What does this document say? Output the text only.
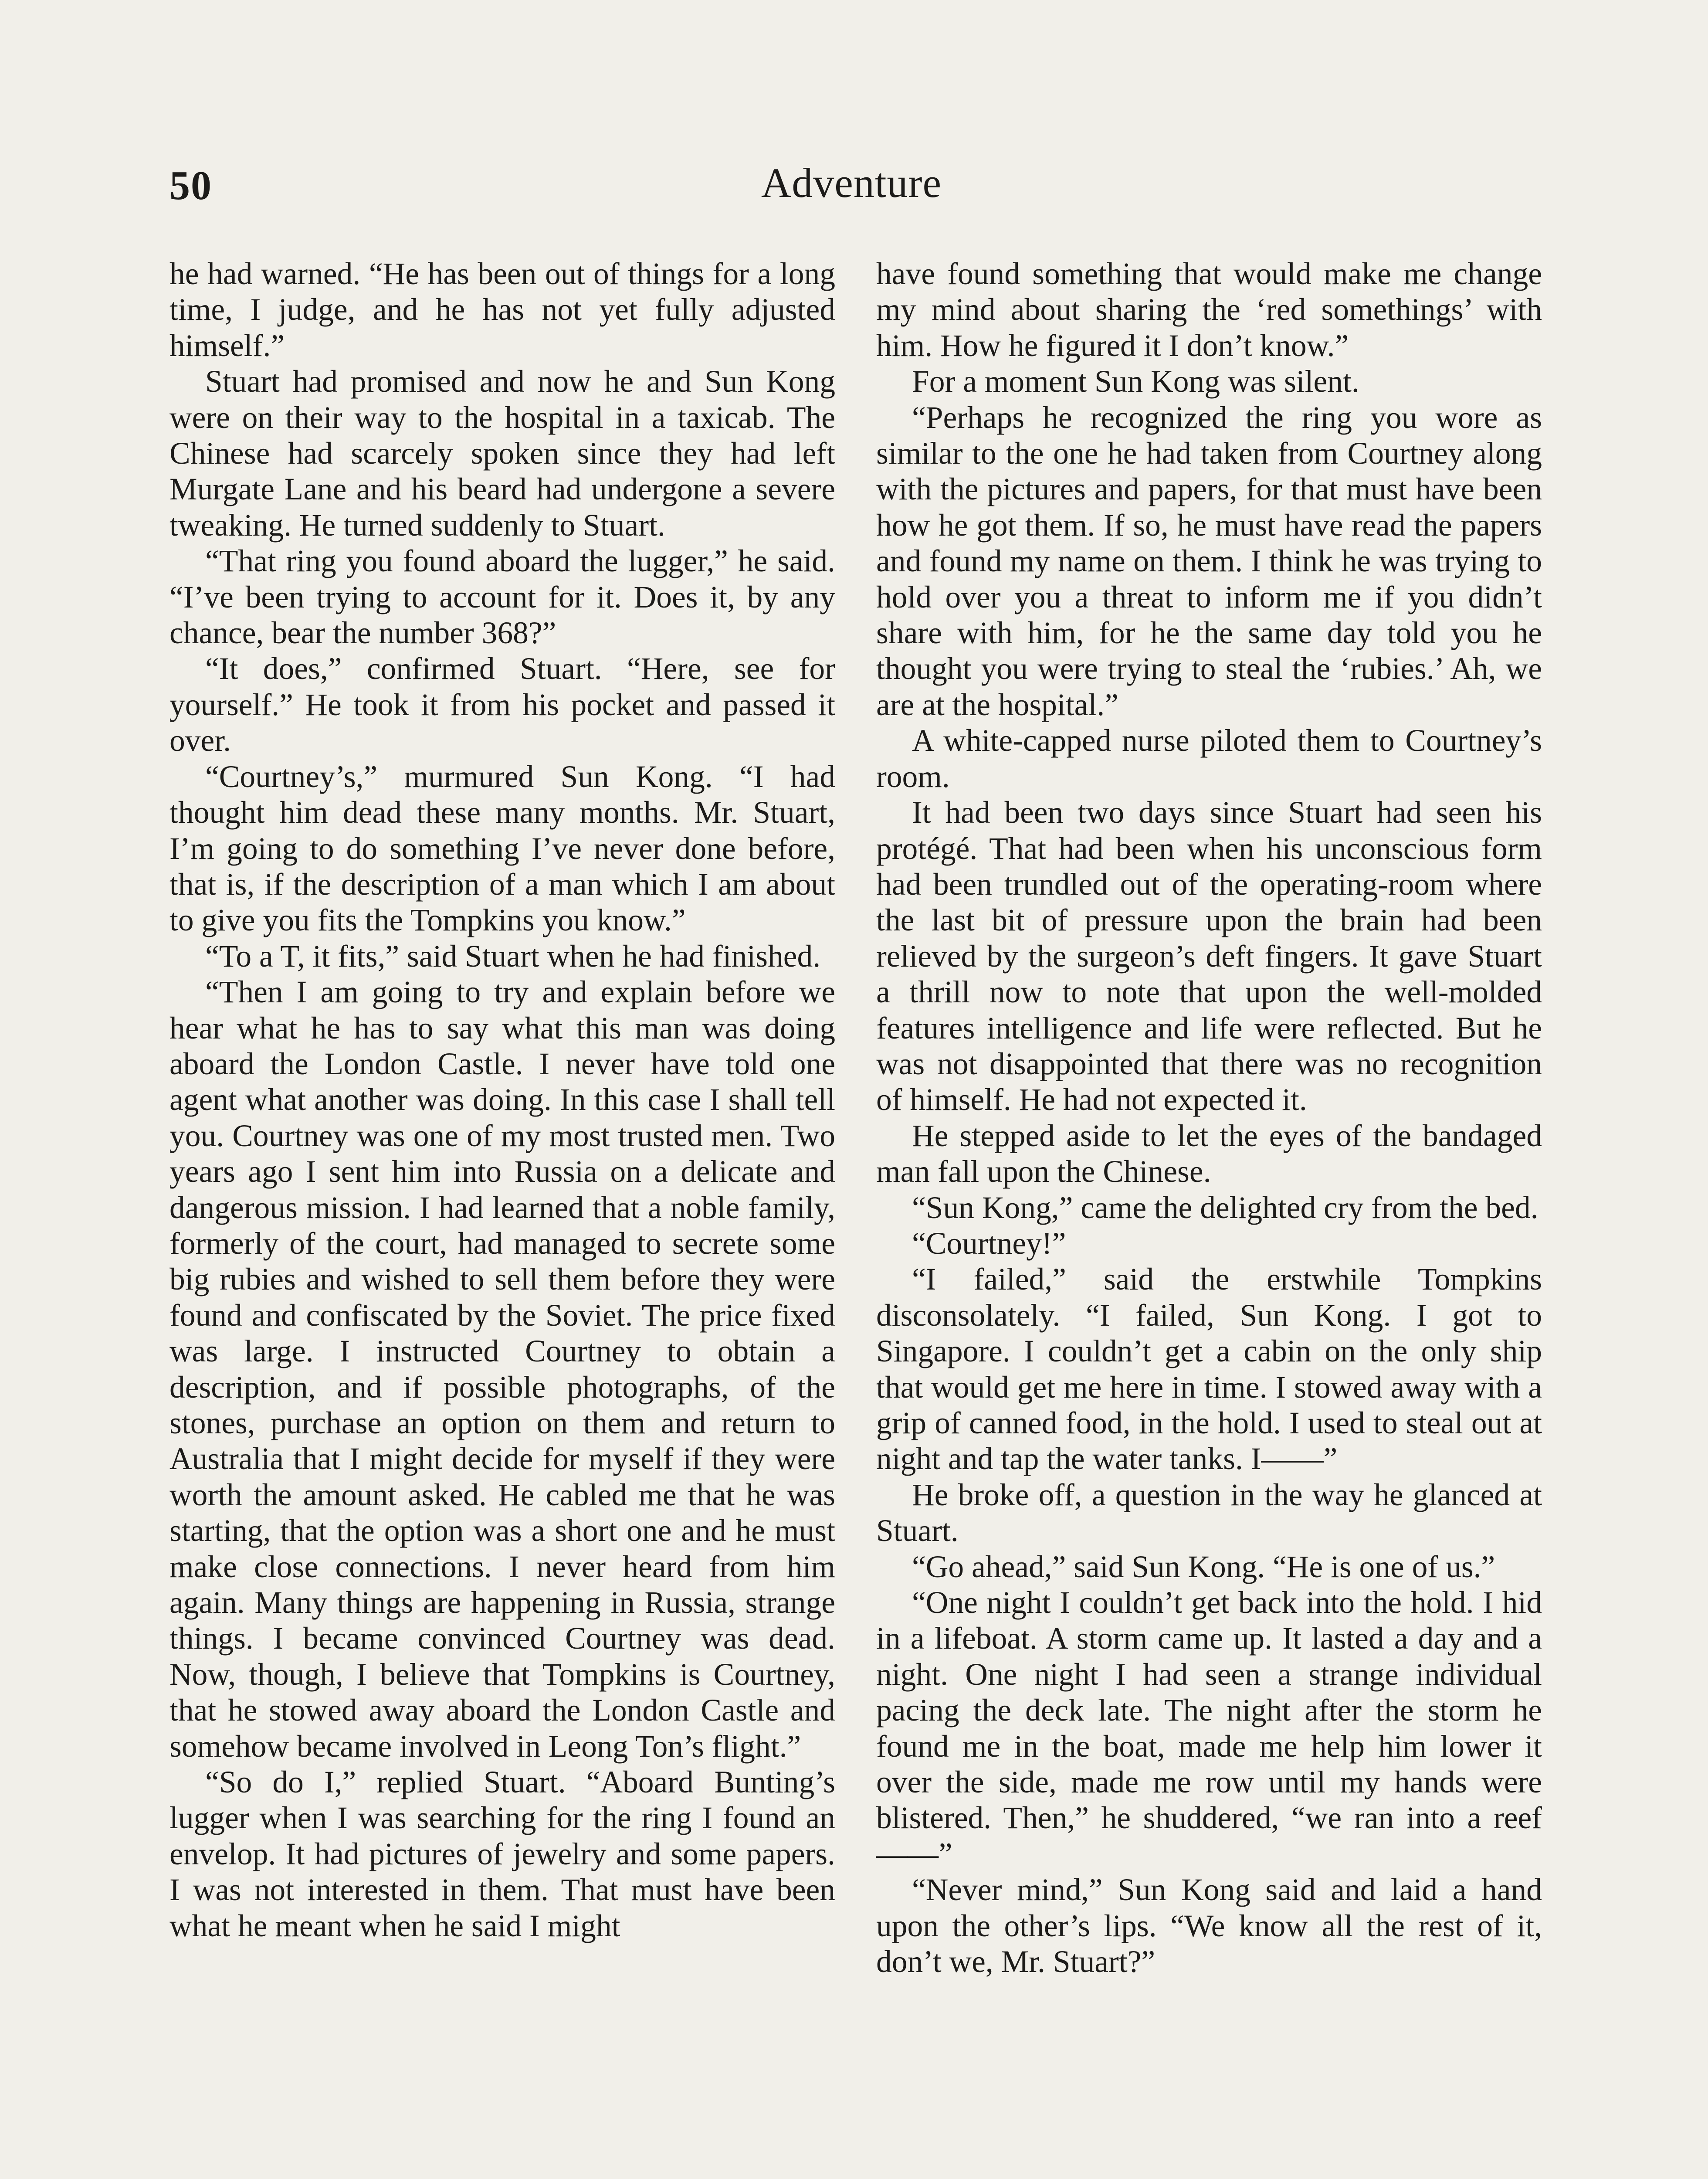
50	Adventure

he had warned. “He has been out of things for a long time, I judge, and he has not yet fully adjusted himself.”

Stuart had promised and now he and Sun Kong were on their way to the hospital in a taxicab. The Chinese had scarcely spoken since they had left Murgate Lane and his beard had undergone a severe tweaking. He turned suddenly to Stuart.

“That ring you found aboard the lugger,” he said. “I’ve been trying to account for it. Does it, by any chance, bear the number 368?”

“It does,” confirmed Stuart. “Here, see for yourself.” He took it from his pocket and passed it over.

“Courtney’s,” murmured Sun Kong. “I had thought him dead these many months. Mr. Stuart, I’m going to do something I’ve never done before, that is, if the description of a man which I am about to give you fits the Tompkins you know.”

“To a T, it fits,” said Stuart when he had finished.

“Then I am going to try and explain before we hear what he has to say what this man was doing aboard the London Castle. I never have told one agent what another was doing. In this case I shall tell you. Courtney was one of my most trusted men. Two years ago I sent him into Russia on a delicate and dangerous mission. I had learned that a noble family, formerly of the court, had managed to secrete some big rubies and wished to sell them before they were found and confiscated by the Soviet. The price fixed was large. I instructed Courtney to obtain a description, and if possible photographs, of the stones, purchase an option on them and return to Australia that I might decide for myself if they were worth the amount asked. He cabled me that he was starting, that the option was a short one and he must make close connections. I never heard from him again. Many things are happening in Russia, strange things. I became convinced Courtney was dead. Now, though, I believe that Tompkins is Courtney, that he stowed away aboard the London Castle and somehow became involved in Leong Ton’s flight.”

“So do I,” replied Stuart. “Aboard Bunting’s lugger when I was searching for the ring I found an envelop. It had pictures of jewelry and some papers. I was not interested in them. That must have been what he meant when he said I might

have found something that would make me change my mind about sharing the ‘red somethings’ with him. How he figured it I don’t know.”

For a moment Sun Kong was silent.

“Perhaps he recognized the ring you wore as similar to the one he had taken from Courtney along with the pictures and papers, for that must have been how he got them. If so, he must have read the papers and found my name on them. I think he was trying to hold over you a threat to inform me if you didn’t share with him, for he the same day told you he thought you were trying to steal the ‘rubies.’ Ah, we are at the hospital.”

A white-capped nurse piloted them to Courtney’s room.

It had been two days since Stuart had seen his protégé. That had been when his unconscious form had been trundled out of the operating-room where the last bit of pressure upon the brain had been relieved by the surgeon’s deft fingers. It gave Stuart a thrill now to note that upon the well-molded features intelligence and life were reflected. But he was not disappointed that there was no recognition of himself. He had not expected it.

He stepped aside to let the eyes of the bandaged man fall upon the Chinese.

“Sun Kong,” came the delighted cry from the bed.

“Courtney!”

“I failed,” said the erstwhile Tompkins disconsolately. “I failed, Sun Kong. I got to Singapore. I couldn’t get a cabin on the only ship that would get me here in time. I stowed away with a grip of canned food, in the hold. I used to steal out at night and tap the water tanks. I——”

He broke off, a question in the way he glanced at Stuart.

“Go ahead,” said Sun Kong. “He is one of us.”

“One night I couldn’t get back into the hold. I hid in a lifeboat. A storm came up. It lasted a day and a night. One night I had seen a strange individual pacing the deck late. The night after the storm he found me in the boat, made me help him lower it over the side, made me row until my hands were blistered. Then,” he shuddered, “we ran into a reef——”

“Never mind,” Sun Kong said and laid a hand upon the other’s lips. “We know all the rest of it, don’t we, Mr. Stuart?”
